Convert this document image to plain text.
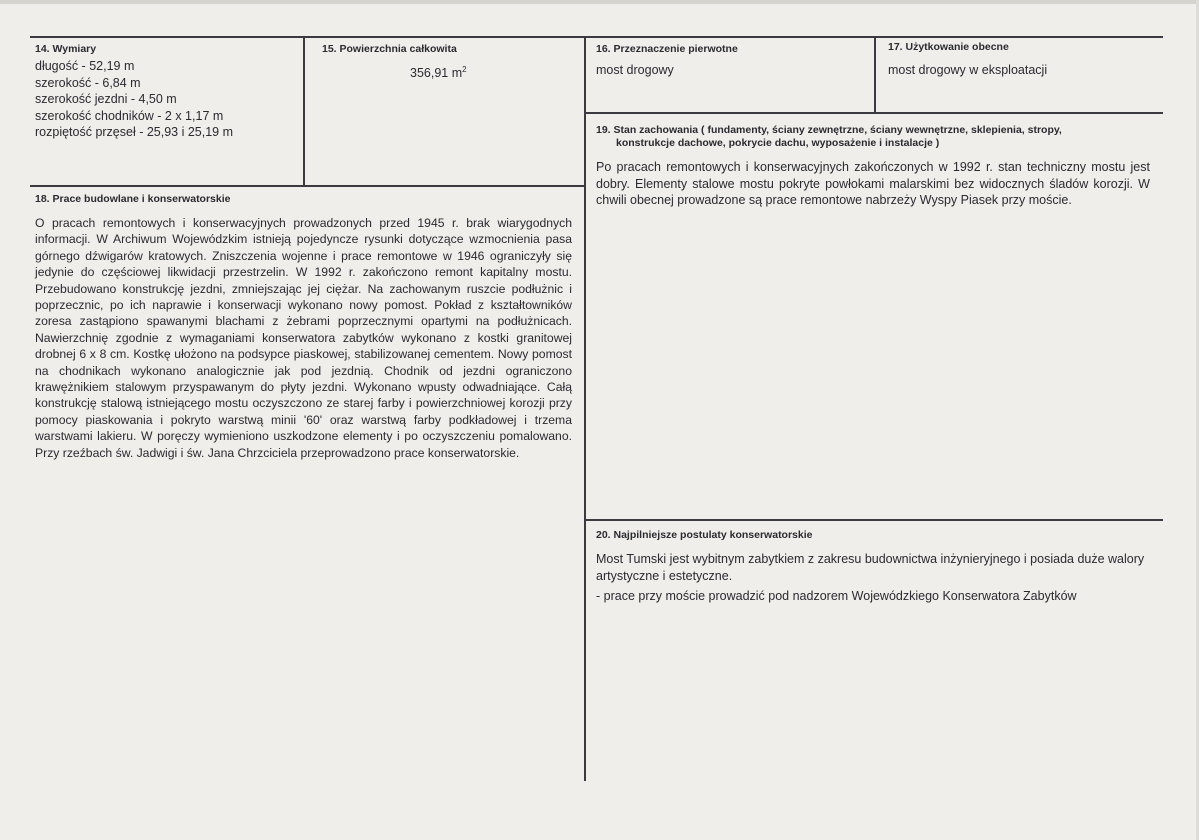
14. Wymiary
długość - 52,19 m
szerokość - 6,84 m
szerokość jezdni - 4,50 m
szerokość chodników - 2 x 1,17 m
rozpiętość przęseł - 25,93 i 25,19 m
15. Powierzchnia całkowita
356,91 $m^2$
16. Przeznaczenie pierwotne
most drogowy
17. Użytkowanie obecne
most drogowy w eksploatacji
19. Stan zachowania ( fundamenty, ściany zewnętrzne, ściany wewnętrzne, sklepienia, stropy,
konstrukcje dachowe, pokrycie dachu, wyposażenie i instalacje )
Po pracach remontowych i konserwacyjnych zakończonych w 1992 r. stan techniczny mostu jest dobry. Elementy stalowe mostu pokryte powłokami malarskimi bez widocznych śladów korozji. W chwili obecnej prowadzone są prace remontowe nabrzeży Wyspy Piasek przy moście.
18. Prace budowlane i konserwatorskie
O pracach remontowych i konserwacyjnych prowadzonych przed 1945 r. brak wiarygodnych informacji. W Archiwum Wojewódzkim istnieją pojedyncze rysunki dotyczące wzmocnienia pasa górnego dźwigarów kratowych. Zniszczenia wojenne i prace remontowe w 1946 ograniczyły się jedynie do częściowej likwidacji przestrzelin. W 1992 r. zakończono remont kapitalny mostu. Przebudowano konstrukcję jezdni, zmniejszając jej ciężar. Na zachowanym ruszcie podłużnic i poprzecznic, po ich naprawie i konserwacji wykonano nowy pomost. Pokład z kształtowników zoresa zastąpiono spawanymi blachami z żebrami poprzecznymi opartymi na podłużnicach. Nawierzchnię zgodnie z wymaganiami konserwatora zabytków wykonano z kostki granitowej drobnej 6 x 8 cm. Kostkę ułożono na podsypce piaskowej, stabilizowanej cementem. Nowy pomost na chodnikach wykonano analogicznie jak pod jezdnią. Chodnik od jezdni ograniczono krawężnikiem stalowym przyspawanym do płyty jezdni. Wykonano wpusty odwadniające. Całą konstrukcję stalową istniejącego mostu oczyszczono ze starej farby i powierzchniowej korozji przy pomocy piaskowania i pokryto warstwą minii '60' oraz warstwą farby podkładowej i trzema warstwami lakieru. W poręczy wymieniono uszkodzone elementy i po oczyszczeniu pomalowano. Przy rzeźbach św. Jadwigi i św. Jana Chrzciciela przeprowadzono prace konserwatorskie.
20. Najpilniejsze postulaty konserwatorskie
Most Tumski jest wybitnym zabytkiem z zakresu budownictwa inżynieryjnego i posiada duże walory artystyczne i estetyczne.
- prace przy moście prowadzić pod nadzorem Wojewódzkiego Konserwatora Zabytków
